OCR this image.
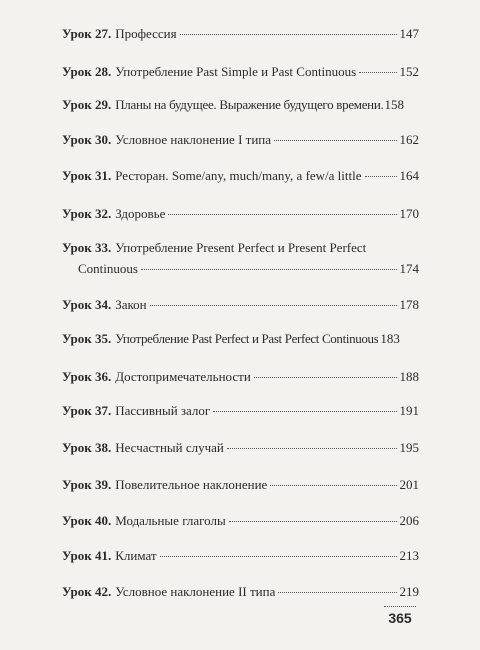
Урок 27. Профессия	147
Урок 28. Употребление Past Simple и Past Continuous	152
Урок 29. Планы на будущее. Выражение будущего времени. 158
Урок 30. Условное наклонение I типа	162
Урок 31. Ресторан. Some/any, much/many, a few/a little	164
Урок 32. Здоровье	170
Урок 33. Употребление Present Perfect и Present Perfect
Continuous	174
Урок 34. Закон	178
Урок 35. Употребление Past Perfect и Past Perfect Continuous 183
Урок 36. Достопримечательности	188
Урок 37. Пассивный залог	191
Урок 38. Несчастный случай	195
Урок 39. Повелительное наклонение	201
Урок 40. Модальные глаголы	206
Урок 41. Климат	213
Урок 42. Условное наклонение II типа	219
365
